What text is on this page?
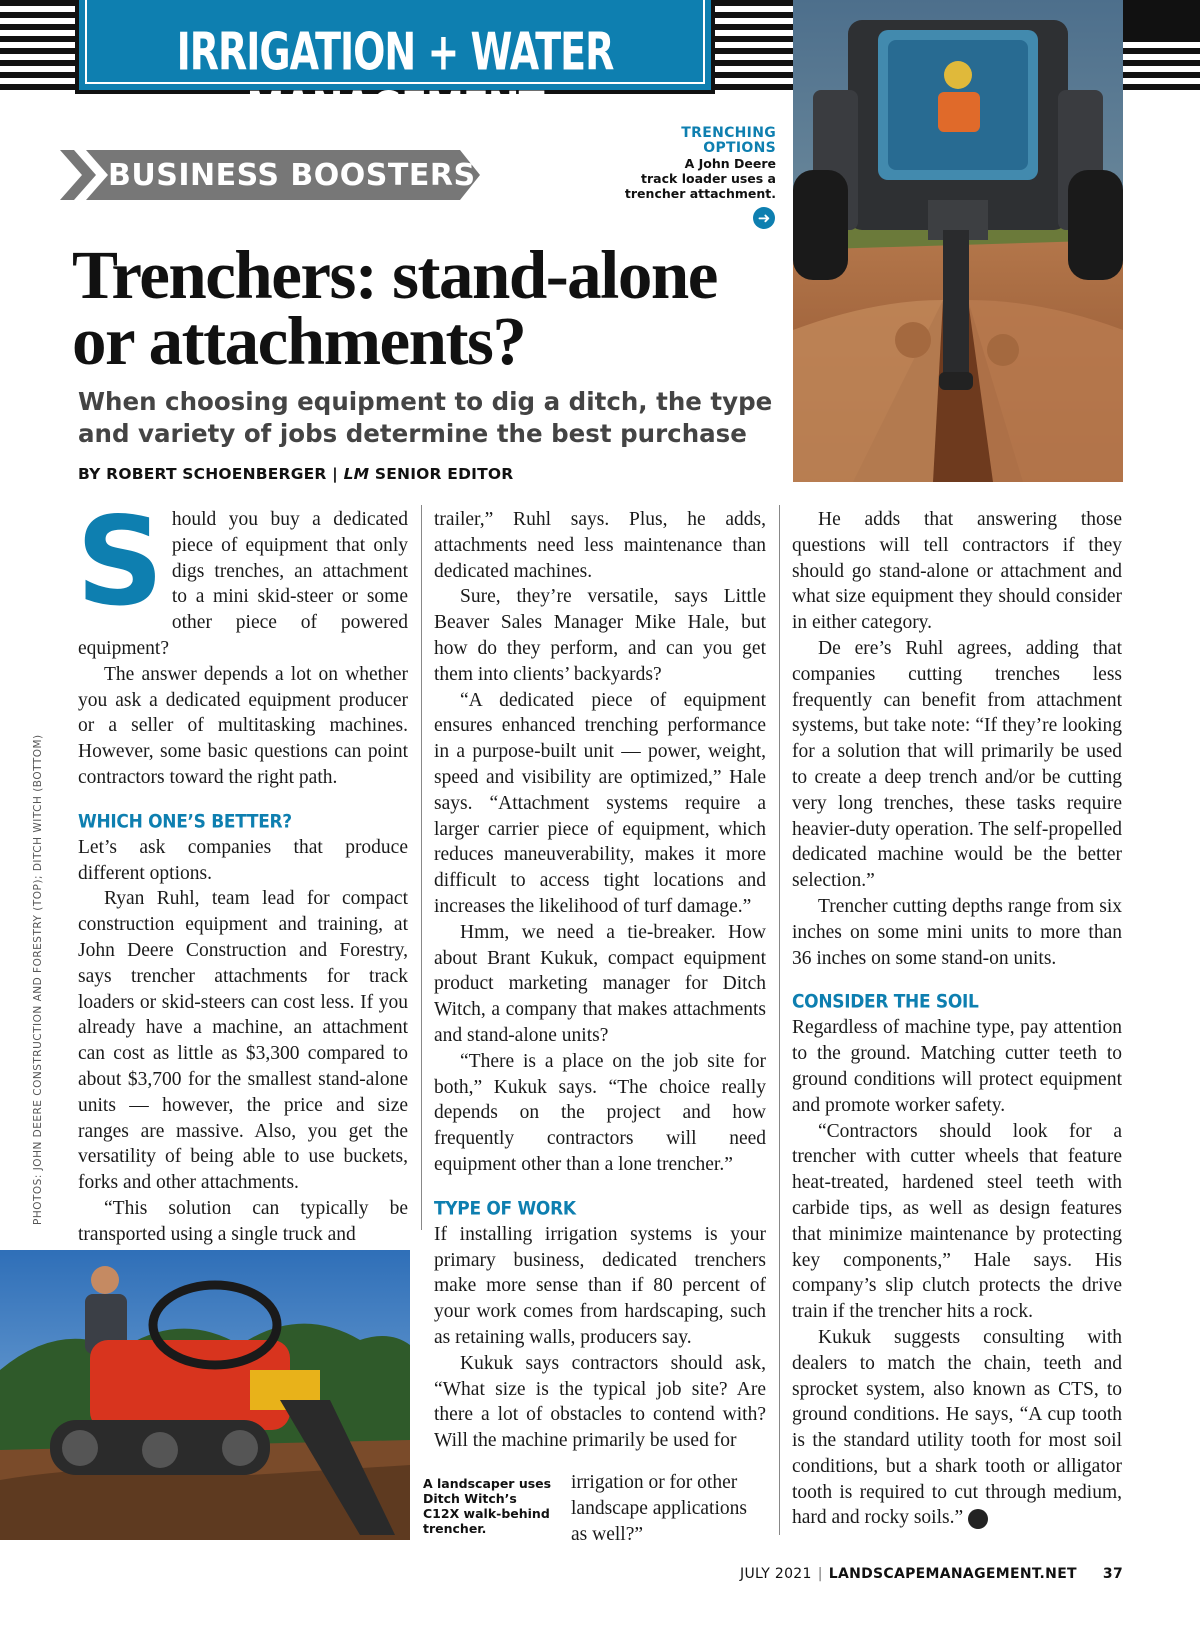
IRRIGATION + WATER MANAGEMENT
BUSINESS BOOSTERS
TRENCHING
OPTIONS
A John Deere
track loader uses a
trencher attachment.
➜
Trenchers: stand-alone
or attachments?
When choosing equipment to dig a ditch, the type
and variety of jobs determine the best purchase
BY ROBERT SCHOENBERGER | LM SENIOR EDITOR
PHOTOS: JOHN DEERE CONSTRUCTION AND FORESTRY (TOP); DITCH WITCH (BOTTOM)
S hould you buy a dedicated piece of equipment that only digs trenches, an attachment to a mini skid-steer or some other piece of powered equipment?

The answer depends a lot on whether you ask a dedicated equipment producer or a seller of multitasking machines. However, some basic questions can point contractors toward the right path.

WHICH ONE’S BETTER?

Let’s ask companies that produce different options.

Ryan Ruhl, team lead for compact construction equipment and training, at John Deere Construction and Forestry, says trencher attachments for track loaders or skid-steers can cost less. If you already have a machine, an attachment can cost as little as $3,300 compared to about $3,700 for the smallest stand-alone units — however, the price and size ranges are massive. Also, you get the versatility of being able to use buckets, forks and other attachments.

“This solution can typically be transported using a single truck and

trailer,” Ruhl says. Plus, he adds, attachments need less maintenance than dedicated machines.

Sure, they’re versatile, says Little Beaver Sales Manager Mike Hale, but how do they perform, and can you get them into clients’ backyards?

“A dedicated piece of equipment ensures enhanced trenching performance in a purpose-built unit — power, weight, speed and visibility are optimized,” Hale says. “Attachment systems require a larger carrier piece of equipment, which reduces maneuverability, makes it more difficult to access tight locations and increases the likelihood of turf damage.”

Hmm, we need a tie-breaker. How about Brant Kukuk, compact equipment product marketing manager for Ditch Witch, a company that makes attachments and stand-alone units?

“There is a place on the job site for both,” Kukuk says. “The choice really depends on the project and how frequently contractors will need equipment other than a lone trencher.”

TYPE OF WORK

If installing irrigation systems is your primary business, dedicated trenchers make more sense than if 80 percent of your work comes from hardscaping, such as retaining walls, producers say.

Kukuk says contractors should ask, “What size is the typical job site? Are there a lot of obstacles to contend with? Will the machine primarily be used for

A landscaper uses
Ditch Witch’s
C12X walk-behind
trencher.

irrigation or for other landscape applications as well?”

He adds that answering those questions will tell contractors if they should go stand-alone or attachment and what size equipment they should consider in either category.

De ere’s Ruhl agrees, adding that companies cutting trenches less frequently can benefit from attachment systems, but take note: “If they’re looking for a solution that will primarily be used to create a deep trench and/or be cutting very long trenches, these tasks require heavier-duty operation. The self-propelled dedicated machine would be the better selection.”

Trencher cutting depths range from six inches on some mini units to more than 36 inches on some stand-on units.

CONSIDER THE SOIL

Regardless of machine type, pay attention to the ground. Matching cutter teeth to ground conditions will protect equipment and promote worker safety.

“Contractors should look for a trencher with cutter wheels that feature heat-treated, hardened steel teeth with carbide tips, as well as design features that minimize maintenance by protecting key components,” Hale says. His company’s slip clutch protects the drive train if the trencher hits a rock.

Kukuk suggests consulting with dealers to match the chain, teeth and sprocket system, also known as CTS, to ground conditions. He says, “A cup tooth is the standard utility tooth for most soil conditions, but a shark tooth or alligator tooth is required to cut through medium, hard and rocky soils.”	LM

JULY 2021 | LANDSCAPEMANAGEMENT.NET 37
